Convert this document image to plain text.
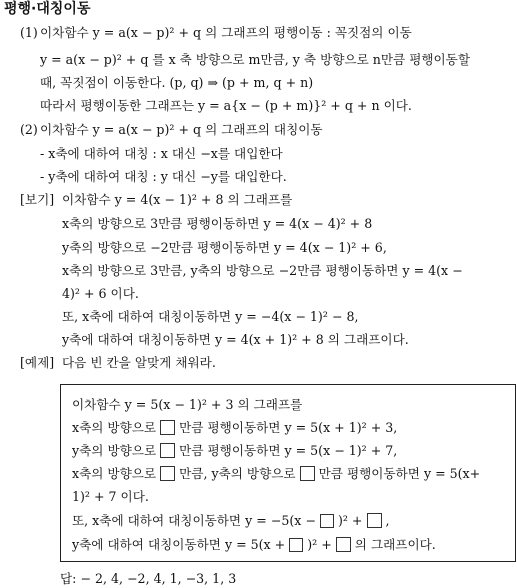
평행·대칭이동
(1) 이차함수 y = a(x − p)² + q 의 그래프의 평행이동 : 꼭짓점의 이동
y = a(x − p)² + q 를 x 축 방향으로 m만큼, y 축 방향으로 n만큼 평행이동할
때, 꼭짓점이 이동한다. (p, q) ⇒ (p + m, q + n)
따라서 평행이동한 그래프는 y = a{x − (p + m)}² + q + n 이다.
(2) 이차함수 y = a(x − p)² + q 의 그래프의 대칭이동
- x축에 대하여 대칭 : x 대신 −x를 대입한다
- y축에 대하여 대칭 : y 대신 −y를 대입한다.
[보기] 이차함수 y = 4(x − 1)² + 8 의 그래프를
x축의 방향으로 3만큼 평행이동하면 y = 4(x − 4)² + 8
y축의 방향으로 −2만큼 평행이동하면 y = 4(x − 1)² + 6,
x축의 방향으로 3만큼, y축의 방향으로 −2만큼 평행이동하면 y = 4(x −
4)² + 6 이다.
또, x축에 대하여 대칭이동하면 y = −4(x − 1)² − 8,
y축에 대하여 대칭이동하면 y = 4(x + 1)² + 8 의 그래프이다.
[예제] 다음 빈 칸을 알맞게 채워라.
이차함수 y = 5(x − 1)² + 3 의 그래프를
x축의 방향으로 만큼 평행이동하면 y = 5(x + 1)² + 3,
y축의 방향으로 만큼 평행이동하면 y = 5(x − 1)² + 7,
x축의 방향으로 만큼, y축의 방향으로 만큼 평행이동하면 y = 5(x+
1)² + 7 이다.
또, x축에 대하여 대칭이동하면 y = −5(x − )² + ,
y축에 대하여 대칭이동하면 y = 5(x + )² + 의 그래프이다.
답: − 2, 4, −2, 4, 1, −3, 1, 3
